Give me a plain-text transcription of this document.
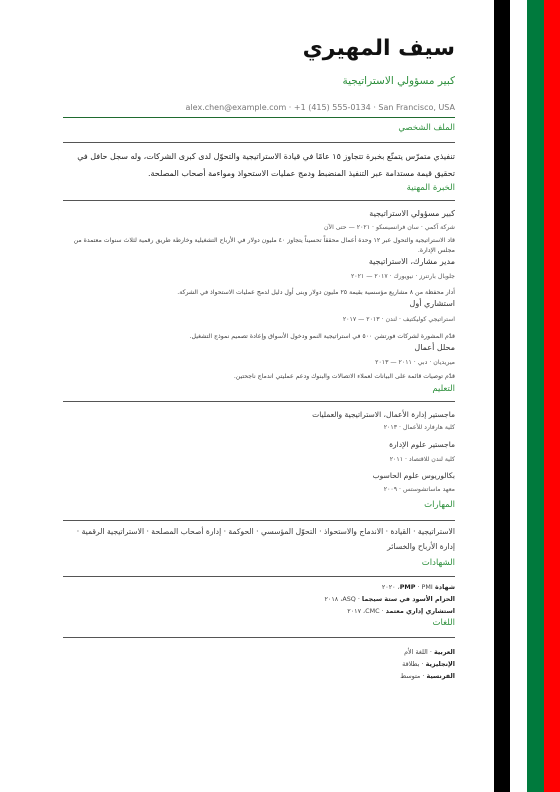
سيف المهيري
كبير مسؤولي الاستراتيجية
alex.chen@example.com · +1 (415) 555-0134 · San Francisco, USA
الملف الشخصي
تنفيذي متمرّس يتمتّع بخبرة تتجاوز ١٥ عامًا في قيادة الاستراتيجية والتحوّل لدى كبرى الشركات، وله سجل حافل في تحقيق قيمة مستدامة عبر التنفيذ المنضبط ودمج عمليات الاستحواذ ومواءمة أصحاب المصلحة.
الخبرة المهنية
كبير مسؤولي الاستراتيجية
شركة آكمي · سان فرانسيسكو · ٢٠٢١ — حتى الآن
قاد الاستراتيجية والتحول عبر ١٢ وحدة أعمال محققاً تحسيناً يتجاوز ٤٠ مليون دولار في الأرباح التشغيلية وخارطة طريق رقمية لثلاث سنوات معتمدة من مجلس الإدارة.
مدير مشارك، الاستراتيجية
جلوبال بارتنرز · نيويورك · ٢٠١٧ — ٢٠٢١
أدار محفظة من ٨ مشاريع مؤسسية بقيمة ٢٥ مليون دولار وبنى أول دليل لدمج عمليات الاستحواذ في الشركة.
استشاري أول
استراتيجي كوليكتيف · لندن · ٢٠١٣ — ٢٠١٧
قدّم المشورة لشركات فورتشن ٥٠٠ في استراتيجية النمو ودخول الأسواق وإعادة تصميم نموذج التشغيل.
محلل أعمال
ميريديان · دبي · ٢٠١١ — ٢٠١٣
قدّم توصيات قائمة على البيانات لعملاء الاتصالات والبنوك ودعم عمليتي اندماج ناجحتين.
التعليم
ماجستير إدارة الأعمال، الاستراتيجية والعمليات
كلية هارفارد للأعمال · ٢٠١٣
ماجستير علوم الإدارة
كلية لندن للاقتصاد · ٢٠١١
بكالوريوس علوم الحاسوب
معهد ماساتشوستس · ٢٠٠٩
المهارات
الاستراتيجية · القيادة · الاندماج والاستحواذ · التحوّل المؤسسي · الحوكمة · إدارة أصحاب المصلحة · الاستراتيجية الرقمية · إدارة الأرباح والخسائر
الشهادات
شهادة PMP · PMI، ٢٠٢٠
الحزام الأسود في ستة سيجما · ASQ، ٢٠١٨
استشاري إداري معتمد · CMC، ٢٠١٧
اللغات
العربية · اللغة الأم
الإنجليزية · بطلاقة
الفرنسية · متوسط
